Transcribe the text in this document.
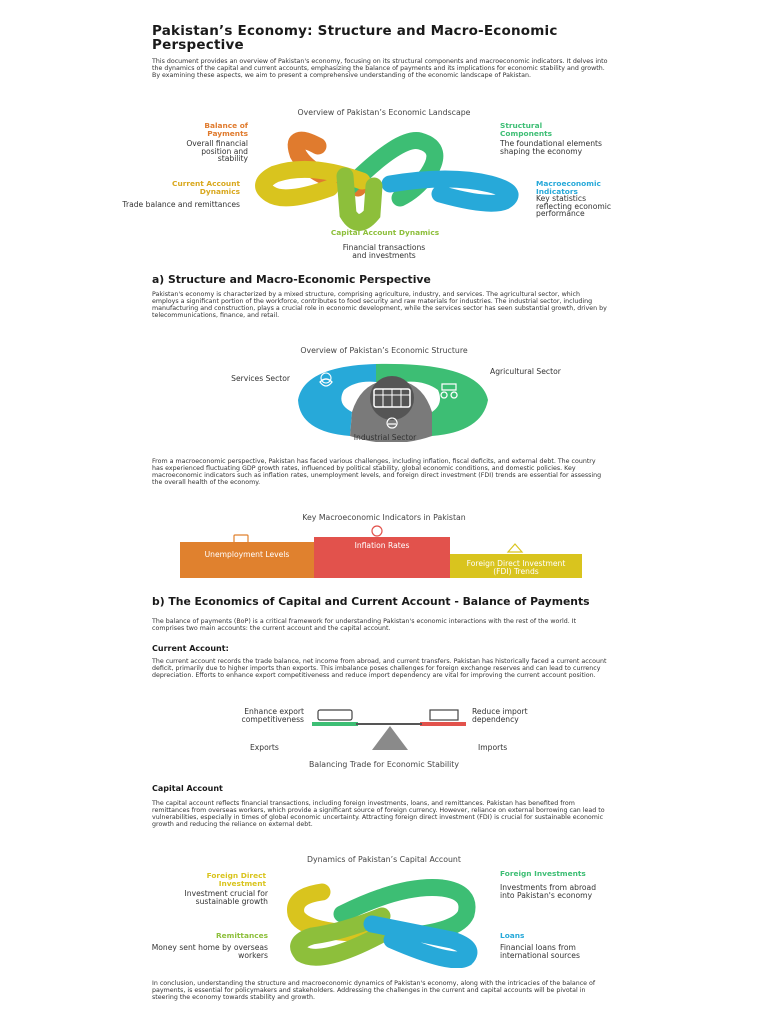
Pakistan’s Economy: Structure and Macro-Economic Perspective
This document provides an overview of Pakistan's economy, focusing on its structural components and macroeconomic indicators. It delves into the dynamics of the capital and current accounts, emphasizing the balance of payments and its implications for economic stability and growth. By examining these aspects, we aim to present a comprehensive understanding of the economic landscape of Pakistan.
Overview of Pakistan’s Economic Landscape
Balance of Payments
Overall financial position and stability
Structural Components
The foundational elements shaping the economy
Current Account Dynamics
Trade balance and remittances
Macroeconomic Indicators
Key statistics reflecting economic performance
Capital Account Dynamics
Financial transactions and investments
a) Structure and Macro-Economic Perspective
Pakistan's economy is characterized by a mixed structure, comprising agriculture, industry, and services. The agricultural sector, which employs a significant portion of the workforce, contributes to food security and raw materials for industries. The industrial sector, including manufacturing and construction, plays a crucial role in economic development, while the services sector has seen substantial growth, driven by telecommunications, finance, and retail.
Overview of Pakistan’s Economic Structure
Services Sector
Agricultural Sector
Industrial Sector
From a macroeconomic perspective, Pakistan has faced various challenges, including inflation, fiscal deficits, and external debt. The country has experienced fluctuating GDP growth rates, influenced by political stability, global economic conditions, and domestic policies. Key macroeconomic indicators such as inflation rates, unemployment levels, and foreign direct investment (FDI) trends are essential for assessing the overall health of the economy.
Key Macroeconomic Indicators in Pakistan
Unemployment Levels
Inflation Rates
Foreign Direct Investment (FDI) Trends
b) The Economics of Capital and Current Account - Balance of Payments
The balance of payments (BoP) is a critical framework for understanding Pakistan's economic interactions with the rest of the world. It comprises two main accounts: the current account and the capital account.
Current Account:
The current account records the trade balance, net income from abroad, and current transfers. Pakistan has historically faced a current account deficit, primarily due to higher imports than exports. This imbalance poses challenges for foreign exchange reserves and can lead to currency depreciation. Efforts to enhance export competitiveness and reduce import dependency are vital for improving the current account position.
Enhance export competitiveness
Reduce import dependency
Exports	Imports
Balancing Trade for Economic Stability
Capital Account
The capital account reflects financial transactions, including foreign investments, loans, and remittances. Pakistan has benefited from remittances from overseas workers, which provide a significant source of foreign currency. However, reliance on external borrowing can lead to vulnerabilities, especially in times of global economic uncertainty. Attracting foreign direct investment (FDI) is crucial for sustainable economic growth and reducing the reliance on external debt.
Dynamics of Pakistan’s Capital Account
Foreign Direct Investment
Investment crucial for sustainable growth
Foreign Investments
Investments from abroad into Pakistan's economy
Remittances
Money sent home by overseas workers
Loans
Financial loans from international sources
In conclusion, understanding the structure and macroeconomic dynamics of Pakistan's economy, along with the intricacies of the balance of payments, is essential for policymakers and stakeholders. Addressing the challenges in the current and capital accounts will be pivotal in steering the economy towards stability and growth.
